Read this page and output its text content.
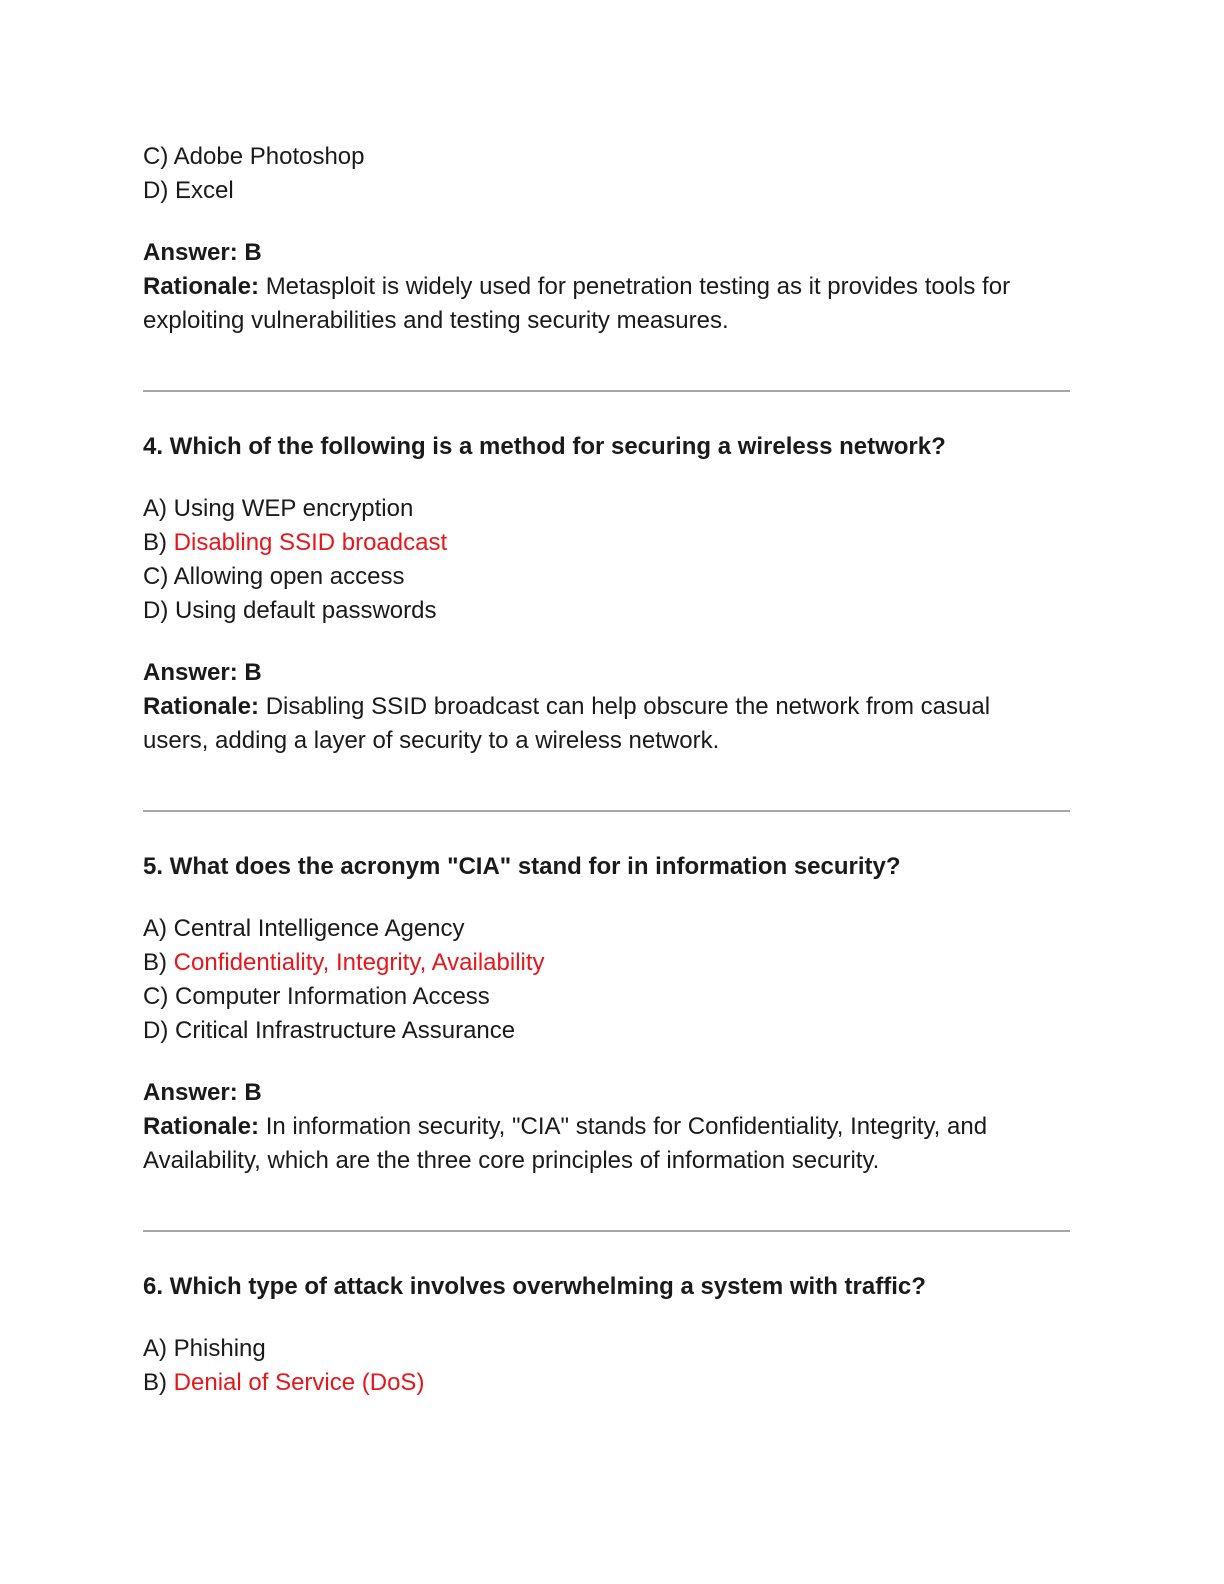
C) Adobe Photoshop
D) Excel
Answer: B
Rationale: Metasploit is widely used for penetration testing as it provides tools for exploiting vulnerabilities and testing security measures.
4. Which of the following is a method for securing a wireless network?
A) Using WEP encryption
B) Disabling SSID broadcast
C) Allowing open access
D) Using default passwords
Answer: B
Rationale: Disabling SSID broadcast can help obscure the network from casual users, adding a layer of security to a wireless network.
5. What does the acronym "CIA" stand for in information security?
A) Central Intelligence Agency
B) Confidentiality, Integrity, Availability
C) Computer Information Access
D) Critical Infrastructure Assurance
Answer: B
Rationale: In information security, "CIA" stands for Confidentiality, Integrity, and Availability, which are the three core principles of information security.
6. Which type of attack involves overwhelming a system with traffic?
A) Phishing
B) Denial of Service (DoS)
